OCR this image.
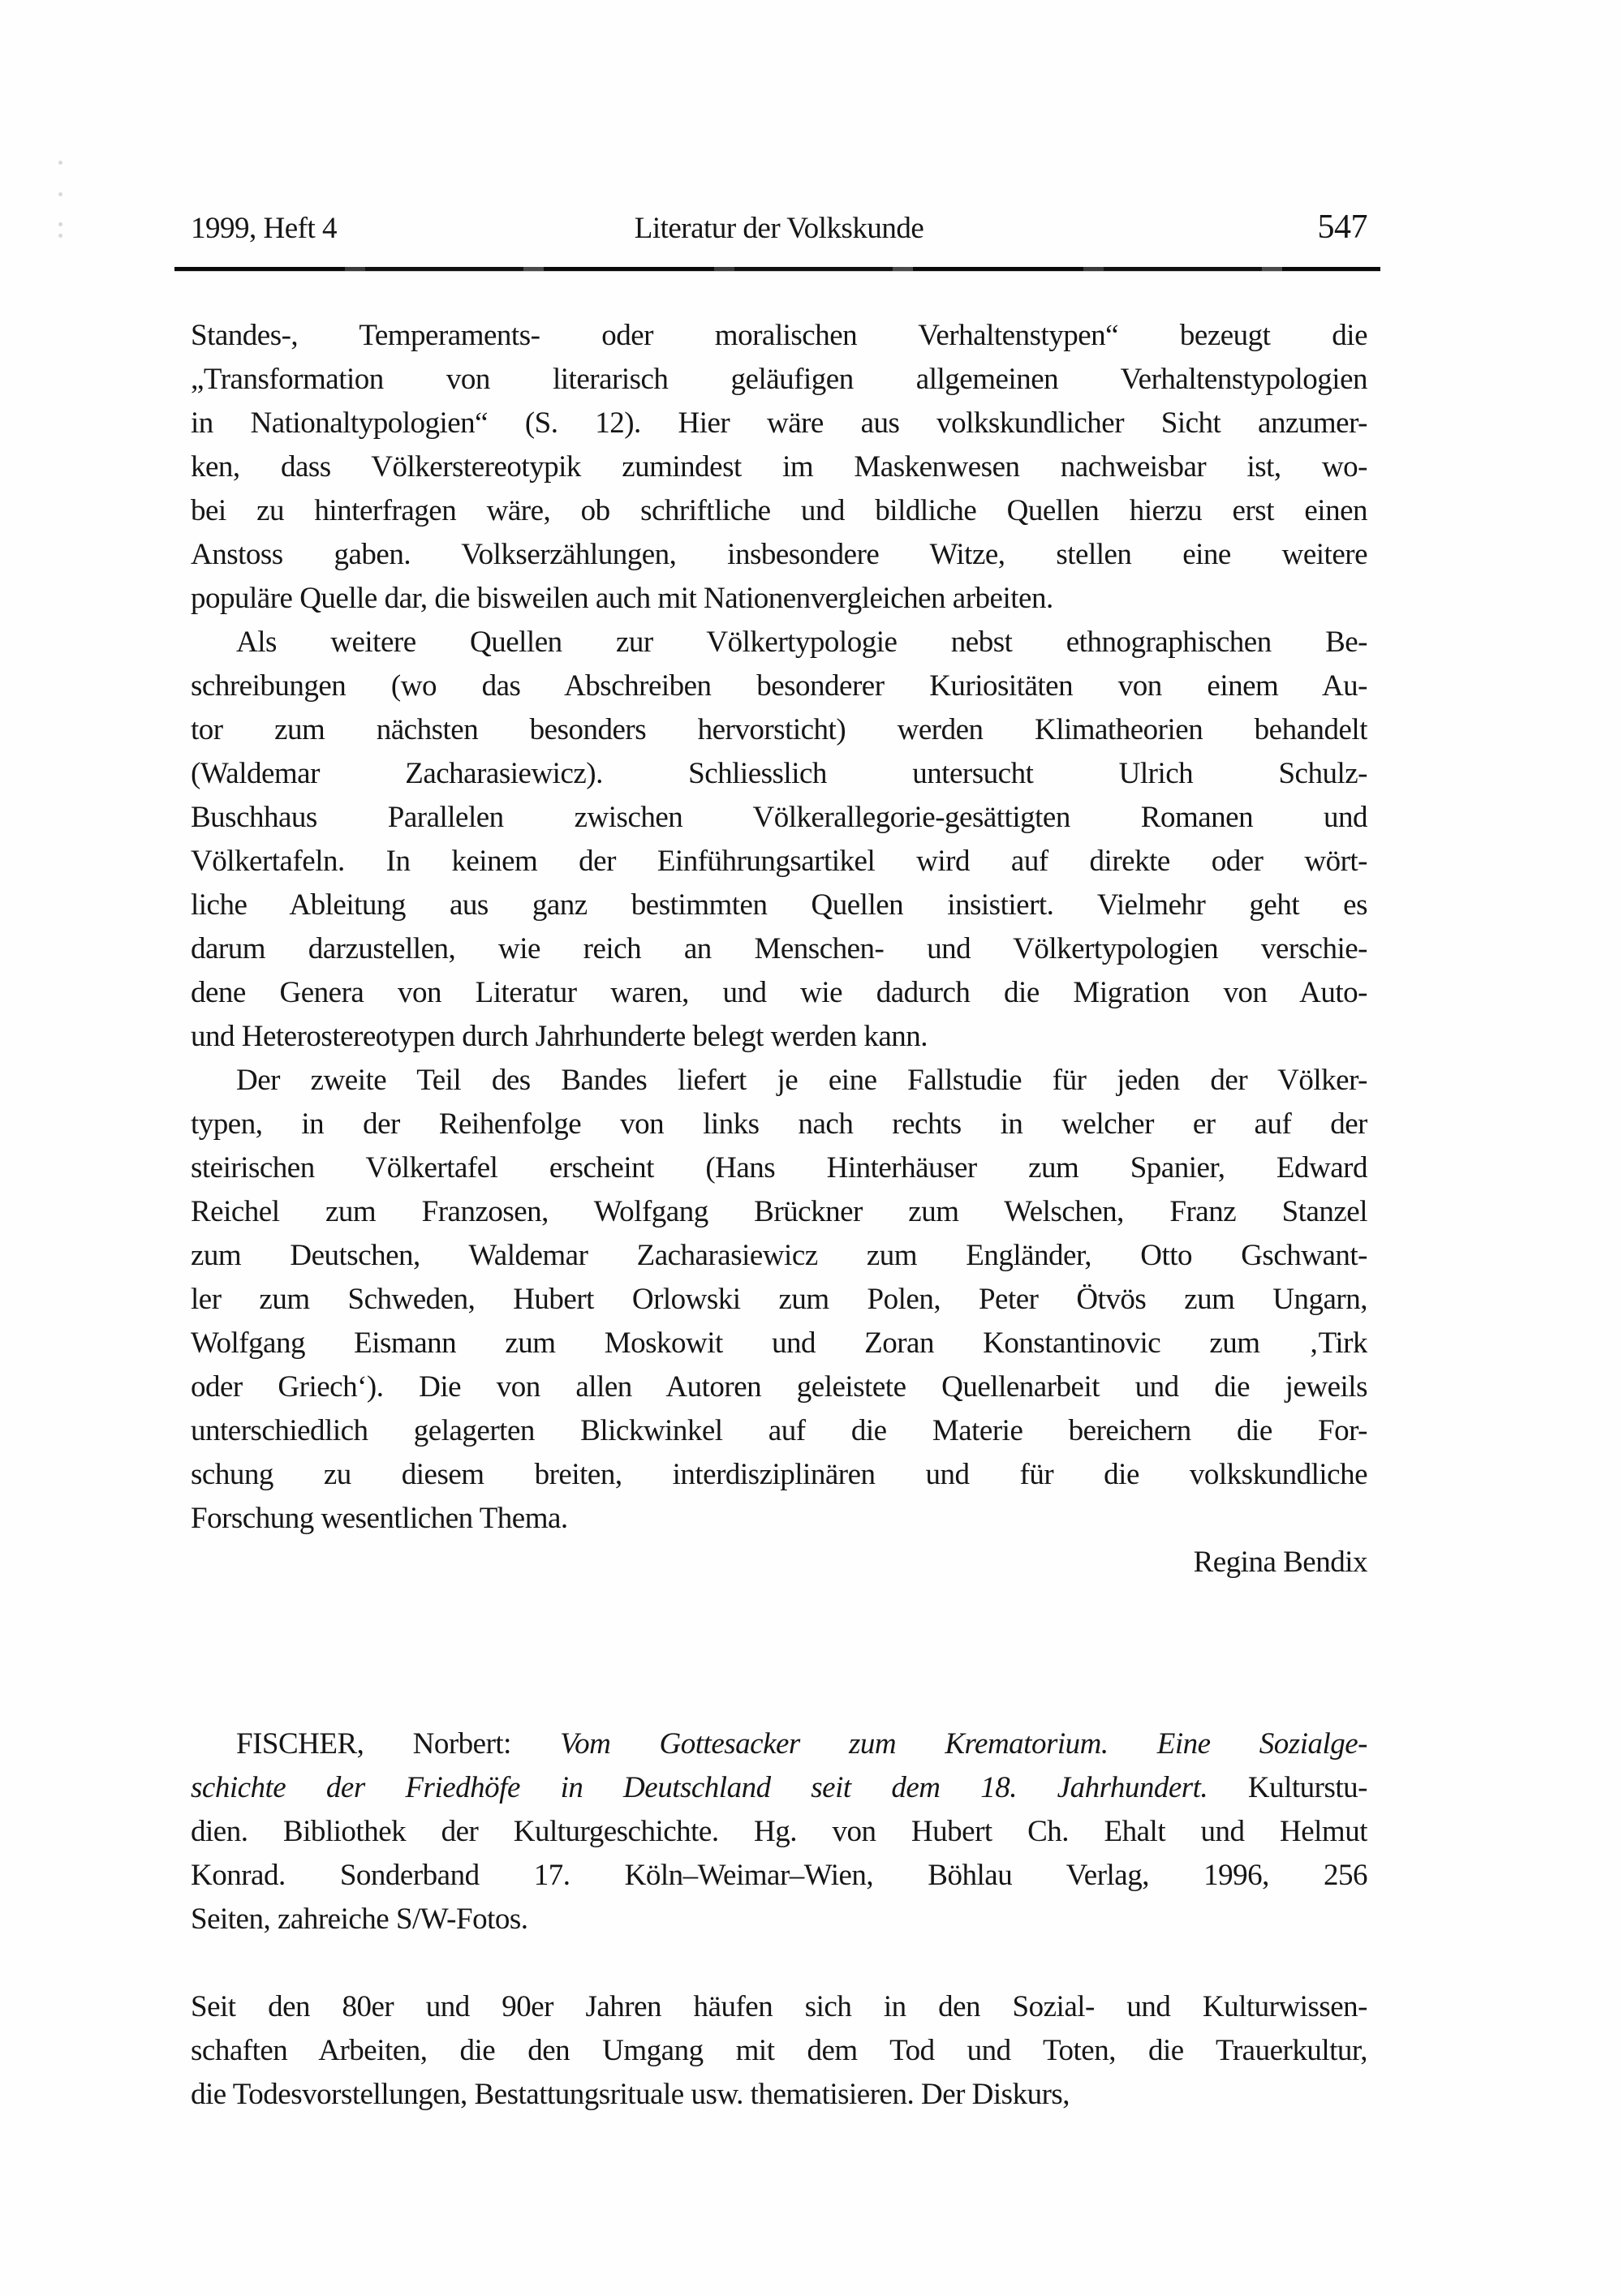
1999, Heft 4	Literatur der Volkskunde	547
Standes-, Temperaments- oder moralischen Verhaltenstypen“ bezeugt die
„Transformation von literarisch geläufigen allgemeinen Verhaltenstypologien
in Nationaltypologien“ (S. 12). Hier wäre aus volkskundlicher Sicht anzumer-
ken, dass Völkerstereotypik zumindest im Maskenwesen nachweisbar ist, wo-
bei zu hinterfragen wäre, ob schriftliche und bildliche Quellen hierzu erst einen
Anstoss gaben. Volkserzählungen, insbesondere Witze, stellen eine weitere
populäre Quelle dar, die bisweilen auch mit Nationenvergleichen arbeiten.
Als weitere Quellen zur Völkertypologie nebst ethnographischen Be-
schreibungen (wo das Abschreiben besonderer Kuriositäten von einem Au-
tor zum nächsten besonders hervorsticht) werden Klimatheorien behandelt
(Waldemar Zacharasiewicz). Schliesslich untersucht Ulrich Schulz-
Buschhaus Parallelen zwischen Völkerallegorie-gesättigten Romanen und
Völkertafeln. In keinem der Einführungsartikel wird auf direkte oder wört-
liche Ableitung aus ganz bestimmten Quellen insistiert. Vielmehr geht es
darum darzustellen, wie reich an Menschen- und Völkertypologien verschie-
dene Genera von Literatur waren, und wie dadurch die Migration von Auto-
und Heterostereotypen durch Jahrhunderte belegt werden kann.
Der zweite Teil des Bandes liefert je eine Fallstudie für jeden der Völker-
typen, in der Reihenfolge von links nach rechts in welcher er auf der
steirischen Völkertafel erscheint (Hans Hinterhäuser zum Spanier, Edward
Reichel zum Franzosen, Wolfgang Brückner zum Welschen, Franz Stanzel
zum Deutschen, Waldemar Zacharasiewicz zum Engländer, Otto Gschwant-
ler zum Schweden, Hubert Orlowski zum Polen, Peter Ötvös zum Ungarn,
Wolfgang Eismann zum Moskowit und Zoran Konstantinovic zum ‚Tirk
oder Griech‘). Die von allen Autoren geleistete Quellenarbeit und die jeweils
unterschiedlich gelagerten Blickwinkel auf die Materie bereichern die For-
schung zu diesem breiten, interdisziplinären und für die volkskundliche
Forschung wesentlichen Thema.
Regina Bendix
FISCHER, Norbert: Vom Gottesacker zum Krematorium. Eine Sozialge-
schichte der Friedhöfe in Deutschland seit dem 18. Jahrhundert. Kulturstu-
dien. Bibliothek der Kulturgeschichte. Hg. von Hubert Ch. Ehalt und Helmut
Konrad. Sonderband 17. Köln–Weimar–Wien, Böhlau Verlag, 1996, 256
Seiten, zahreiche S/W-Fotos.
Seit den 80er und 90er Jahren häufen sich in den Sozial- und Kulturwissen-
schaften Arbeiten, die den Umgang mit dem Tod und Toten, die Trauerkultur,
die Todesvorstellungen, Bestattungsrituale usw. thematisieren. Der Diskurs,
